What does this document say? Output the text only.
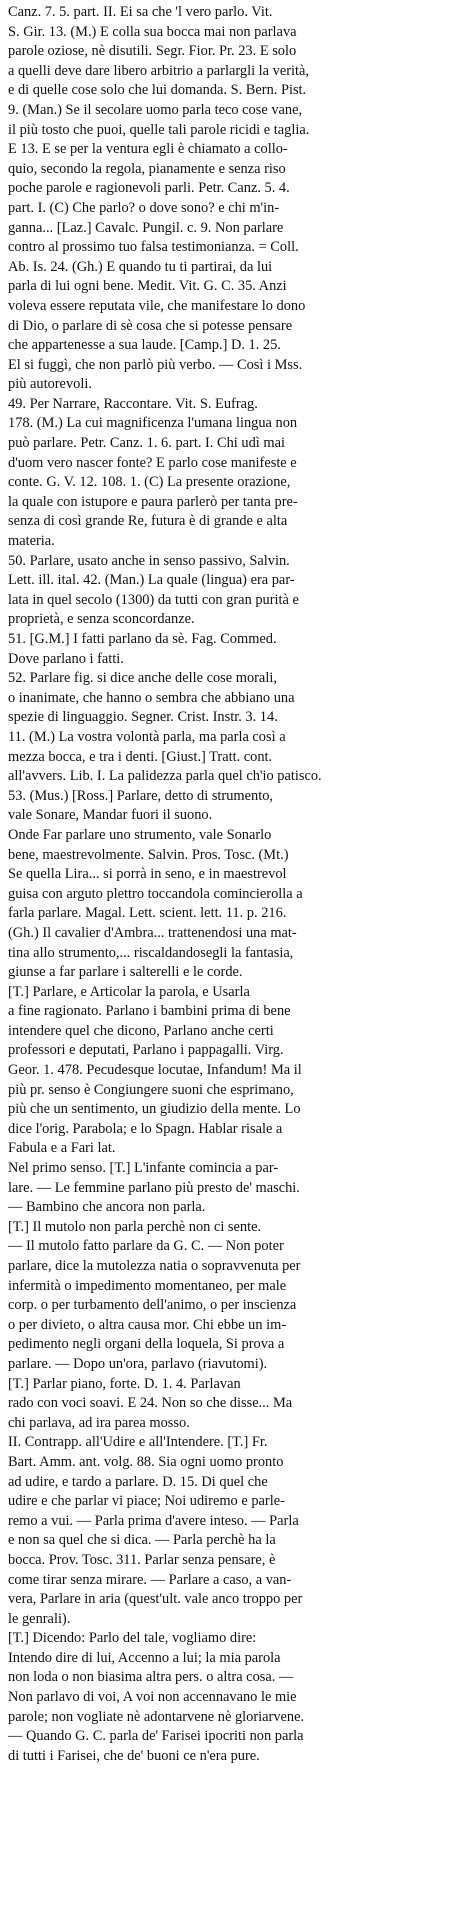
Canz. 7. 5. part. II. Ei sa che 'l vero parlo. Vit.
S. Gir. 13. (M.) E colla sua bocca mai non parlava
parole oziose, nè disutili. Segr. Fior. Pr. 23. E solo
a quelli deve dare libero arbitrio a parlargli la verità,
e di quelle cose solo che lui domanda. S. Bern. Pist.
9. (Man.) Se il secolare uomo parla teco cose vane,
il più tosto che puoi, quelle tali parole ricidi e taglia.
E 13. E se per la ventura egli è chiamato a collo-
quio, secondo la regola, pianamente e senza riso
poche parole e ragionevoli parli. Petr. Canz. 5. 4.
part. I. (C) Che parlo? o dove sono? e chi m'in-
ganna... [Laz.] Cavalc. Pungil. c. 9. Non parlare
contro al prossimo tuo falsa testimonianza. = Coll.
Ab. Is. 24. (Gh.) E quando tu ti partirai, da lui
parla di lui ogni bene. Medit. Vit. G. C. 35. Anzi
voleva essere reputata vile, che manifestare lo dono
di Dio, o parlare di sè cosa che si potesse pensare
che appartenesse a sua laude. [Camp.] D. 1. 25.
El si fuggì, che non parlò più verbo. — Così i Mss.
più autorevoli.
49. Per Narrare, Raccontare. Vit. S. Eufrag.
178. (M.) La cui magnificenza l'umana lingua non
può parlare. Petr. Canz. 1. 6. part. I. Chi udì mai
d'uom vero nascer fonte? E parlo cose manifeste e
conte. G. V. 12. 108. 1. (C) La presente orazione,
la quale con istupore e paura parlerò per tanta pre-
senza di così grande Re, futura è di grande e alta
materia.
50. Parlare, usato anche in senso passivo, Salvin.
Lett. ill. ital. 42. (Man.) La quale (lingua) era par-
lata in quel secolo (1300) da tutti con gran purità e
proprietà, e senza sconcordanze.
51. [G.M.] I fatti parlano da sè. Fag. Commed.
Dove parlano i fatti.
52. Parlare fig. si dice anche delle cose morali,
o inanimate, che hanno o sembra che abbiano una
spezie di linguaggio. Segner. Crist. Instr. 3. 14.
11. (M.) La vostra volontà parla, ma parla così a
mezza bocca, e tra i denti. [Giust.] Tratt. cont.
all'avvers. Lib. I. La palidezza parla quel ch'io patisco.
53. (Mus.) [Ross.] Parlare, detto di strumento,
vale Sonare, Mandar fuori il suono.
Onde Far parlare uno strumento, vale Sonarlo
bene, maestrevolmente. Salvin. Pros. Tosc. (Mt.)
Se quella Lira... si porrà in seno, e in maestrevol
guisa con arguto plettro toccandola comincierolla a
farla parlare. Magal. Lett. scient. lett. 11. p. 216.
(Gh.) Il cavalier d'Ambra... trattenendosi una mat-
tina allo strumento,... riscaldandosegli la fantasia,
giunse a far parlare i salterelli e le corde.
[T.] Parlare, e Articolar la parola, e Usarla
a fine ragionato. Parlano i bambini prima di bene
intendere quel che dicono, Parlano anche certi
professori e deputati, Parlano i pappagalli. Virg.
Geor. 1. 478. Pecudesque locutae, Infandum! Ma il
più pr. senso è Congiungere suoni che esprimano,
più che un sentimento, un giudizio della mente. Lo
dice l'orig. Parabola; e lo Spagn. Hablar risale a
Fabula e a Fari lat.
Nel primo senso. [T.] L'infante comincia a par-
lare. — Le femmine parlano più presto de' maschi.
— Bambino che ancora non parla.
[T.] Il mutolo non parla perchè non ci sente.
— Il mutolo fatto parlare da G. C. — Non poter
parlare, dice la mutolezza natia o sopravvenuta per
infermità o impedimento momentaneo, per male
corp. o per turbamento dell'animo, o per inscienza
o per divieto, o altra causa mor. Chi ebbe un im-
pedimento negli organi della loquela, Si prova a
parlare. — Dopo un'ora, parlavo (riavutomi).
[T.] Parlar piano, forte. D. 1. 4. Parlavan
rado con voci soavi. E 24. Non so che disse... Ma
chi parlava, ad ira parea mosso.
II. Contrapp. all'Udire e all'Intendere. [T.] Fr.
Bart. Amm. ant. volg. 88. Sia ogni uomo pronto
ad udire, e tardo a parlare. D. 15. Di quel che
udire e che parlar vi piace; Noi udiremo e parle-
remo a vui. — Parla prima d'avere inteso. — Parla
e non sa quel che si dica. — Parla perchè ha la
bocca. Prov. Tosc. 311. Parlar senza pensare, è
come tirar senza mirare. — Parlare a caso, a van-
vera, Parlare in aria (quest'ult. vale anco troppo per
le genrali).
[T.] Dicendo: Parlo del tale, vogliamo dire:
Intendo dire di lui, Accenno a lui; la mia parola
non loda o non biasima altra pers. o altra cosa. —
Non parlavo di voi, A voi non accennavano le mie
parole; non vogliate nè adontarvene nè gloriarvene.
— Quando G. C. parla de' Farisei ipocriti non parla
di tutti i Farisei, che de' buoni ce n'era pure.
